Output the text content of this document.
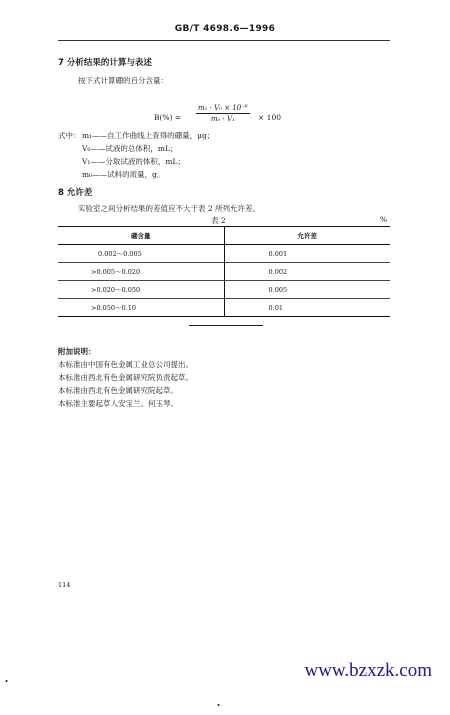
GB/T 4698.6—1996
7 分析结果的计算与表述
按下式计算硼的百分含量：
$B(\%) = \frac{\text{m₁ · V₀ × 10⁻⁶}}{\text{m₀ · V₁}} \times 100$
式中： m₁——自工作曲线上查得的硼量，μg；
V₀——试液的总体积，mL；
V₁——分取试液的体积，mL；
m₀——试料的质量，g。
8 允许差
实验室之间分析结果的差值应不大于表 2 所列允许差。
表 2	%
硼含量	允许差
0.002～0.005	0.001
>0.005～0.020	0.002
>0.020～0.050	0.005
>0.050～0.10	0.01
附加说明：
本标准由中国有色金属工业总公司提出。
本标准由西北有色金属研究院负责起草。
本标准由西北有色金属研究院起草。
本标准主要起草人安宝兰、何玉琴。
114
.	www.bzxzk.com
.
